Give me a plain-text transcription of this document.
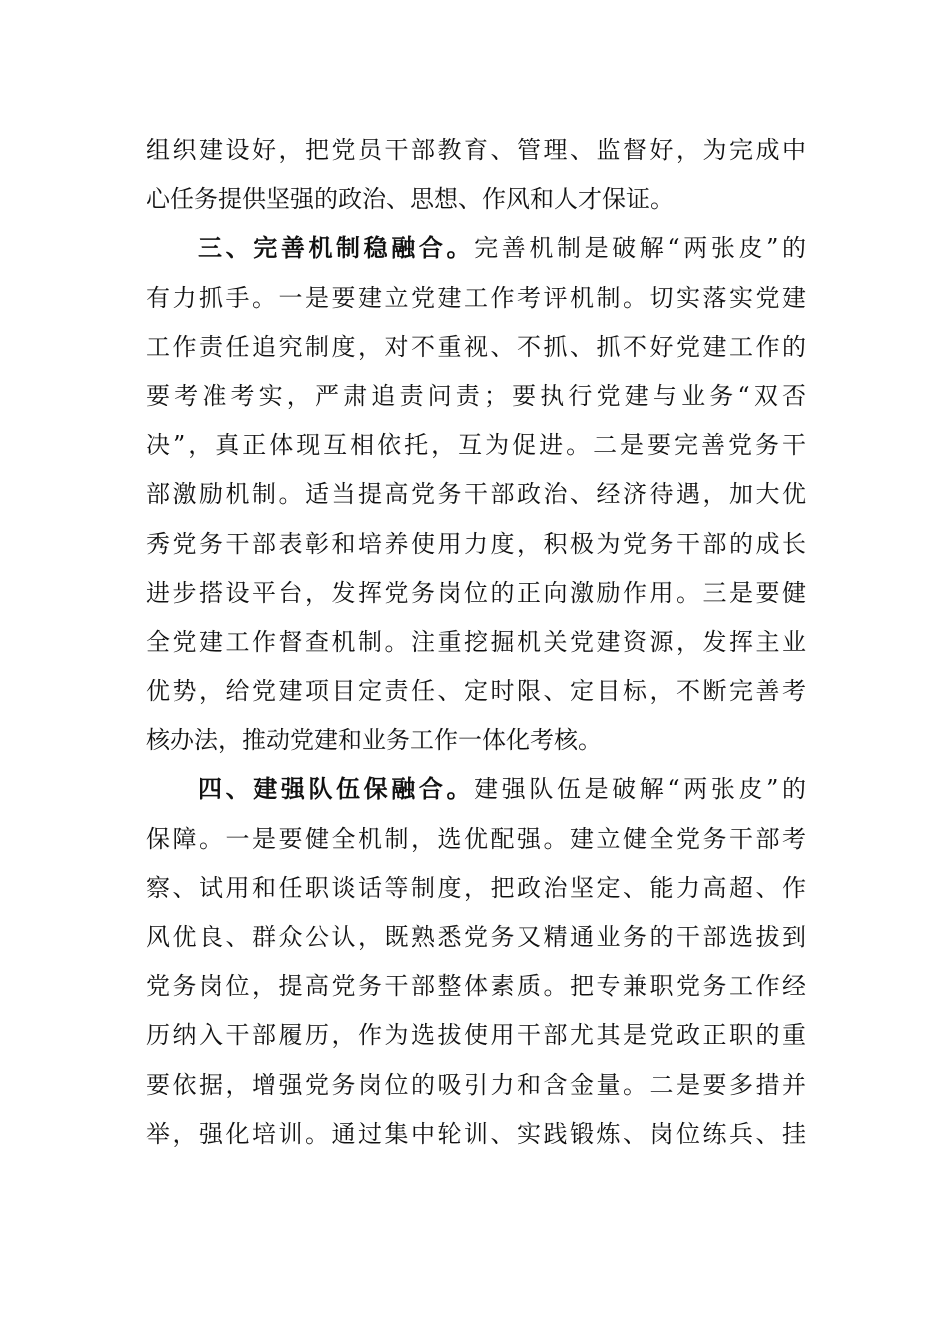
组织建设好，把党员干部教育、管理、监督好，为完成中
心任务提供坚强的政治、思想、作风和人才保证。
三、完善机制稳融合。完善机制是破解“两张皮”的
有力抓手。一是要建立党建工作考评机制。切实落实党建
工作责任追究制度，对不重视、不抓、抓不好党建工作的
要考准考实，严肃追责问责；要执行党建与业务“双否
决”，真正体现互相依托，互为促进。二是要完善党务干
部激励机制。适当提高党务干部政治、经济待遇，加大优
秀党务干部表彰和培养使用力度，积极为党务干部的成长
进步搭设平台，发挥党务岗位的正向激励作用。三是要健
全党建工作督查机制。注重挖掘机关党建资源，发挥主业
优势，给党建项目定责任、定时限、定目标，不断完善考
核办法，推动党建和业务工作一体化考核。
四、建强队伍保融合。建强队伍是破解“两张皮”的
保障。一是要健全机制，选优配强。建立健全党务干部考
察、试用和任职谈话等制度，把政治坚定、能力高超、作
风优良、群众公认，既熟悉党务又精通业务的干部选拔到
党务岗位，提高党务干部整体素质。把专兼职党务工作经
历纳入干部履历，作为选拔使用干部尤其是党政正职的重
要依据，增强党务岗位的吸引力和含金量。二是要多措并
举，强化培训。通过集中轮训、实践锻炼、岗位练兵、挂
